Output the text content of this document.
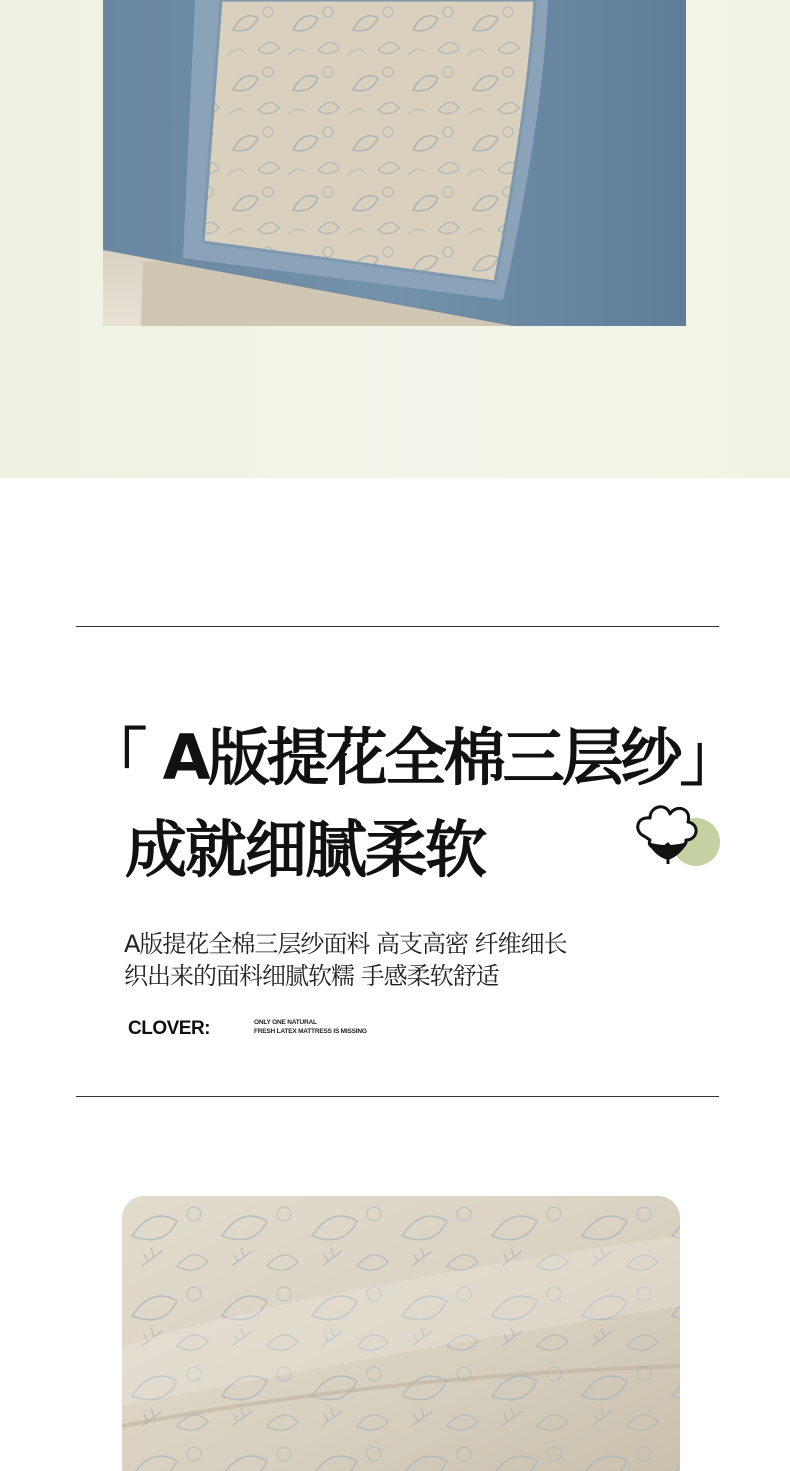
「 A版提花全棉三层纱」
成就细腻柔软
A版提花全棉三层纱面料 高支高密 纤维细长
织出来的面料细腻软糯 手感柔软舒适
CLOVER:	ONLY ONE NATURAL
FRESH LATEX MATTRESS IS MISSING
